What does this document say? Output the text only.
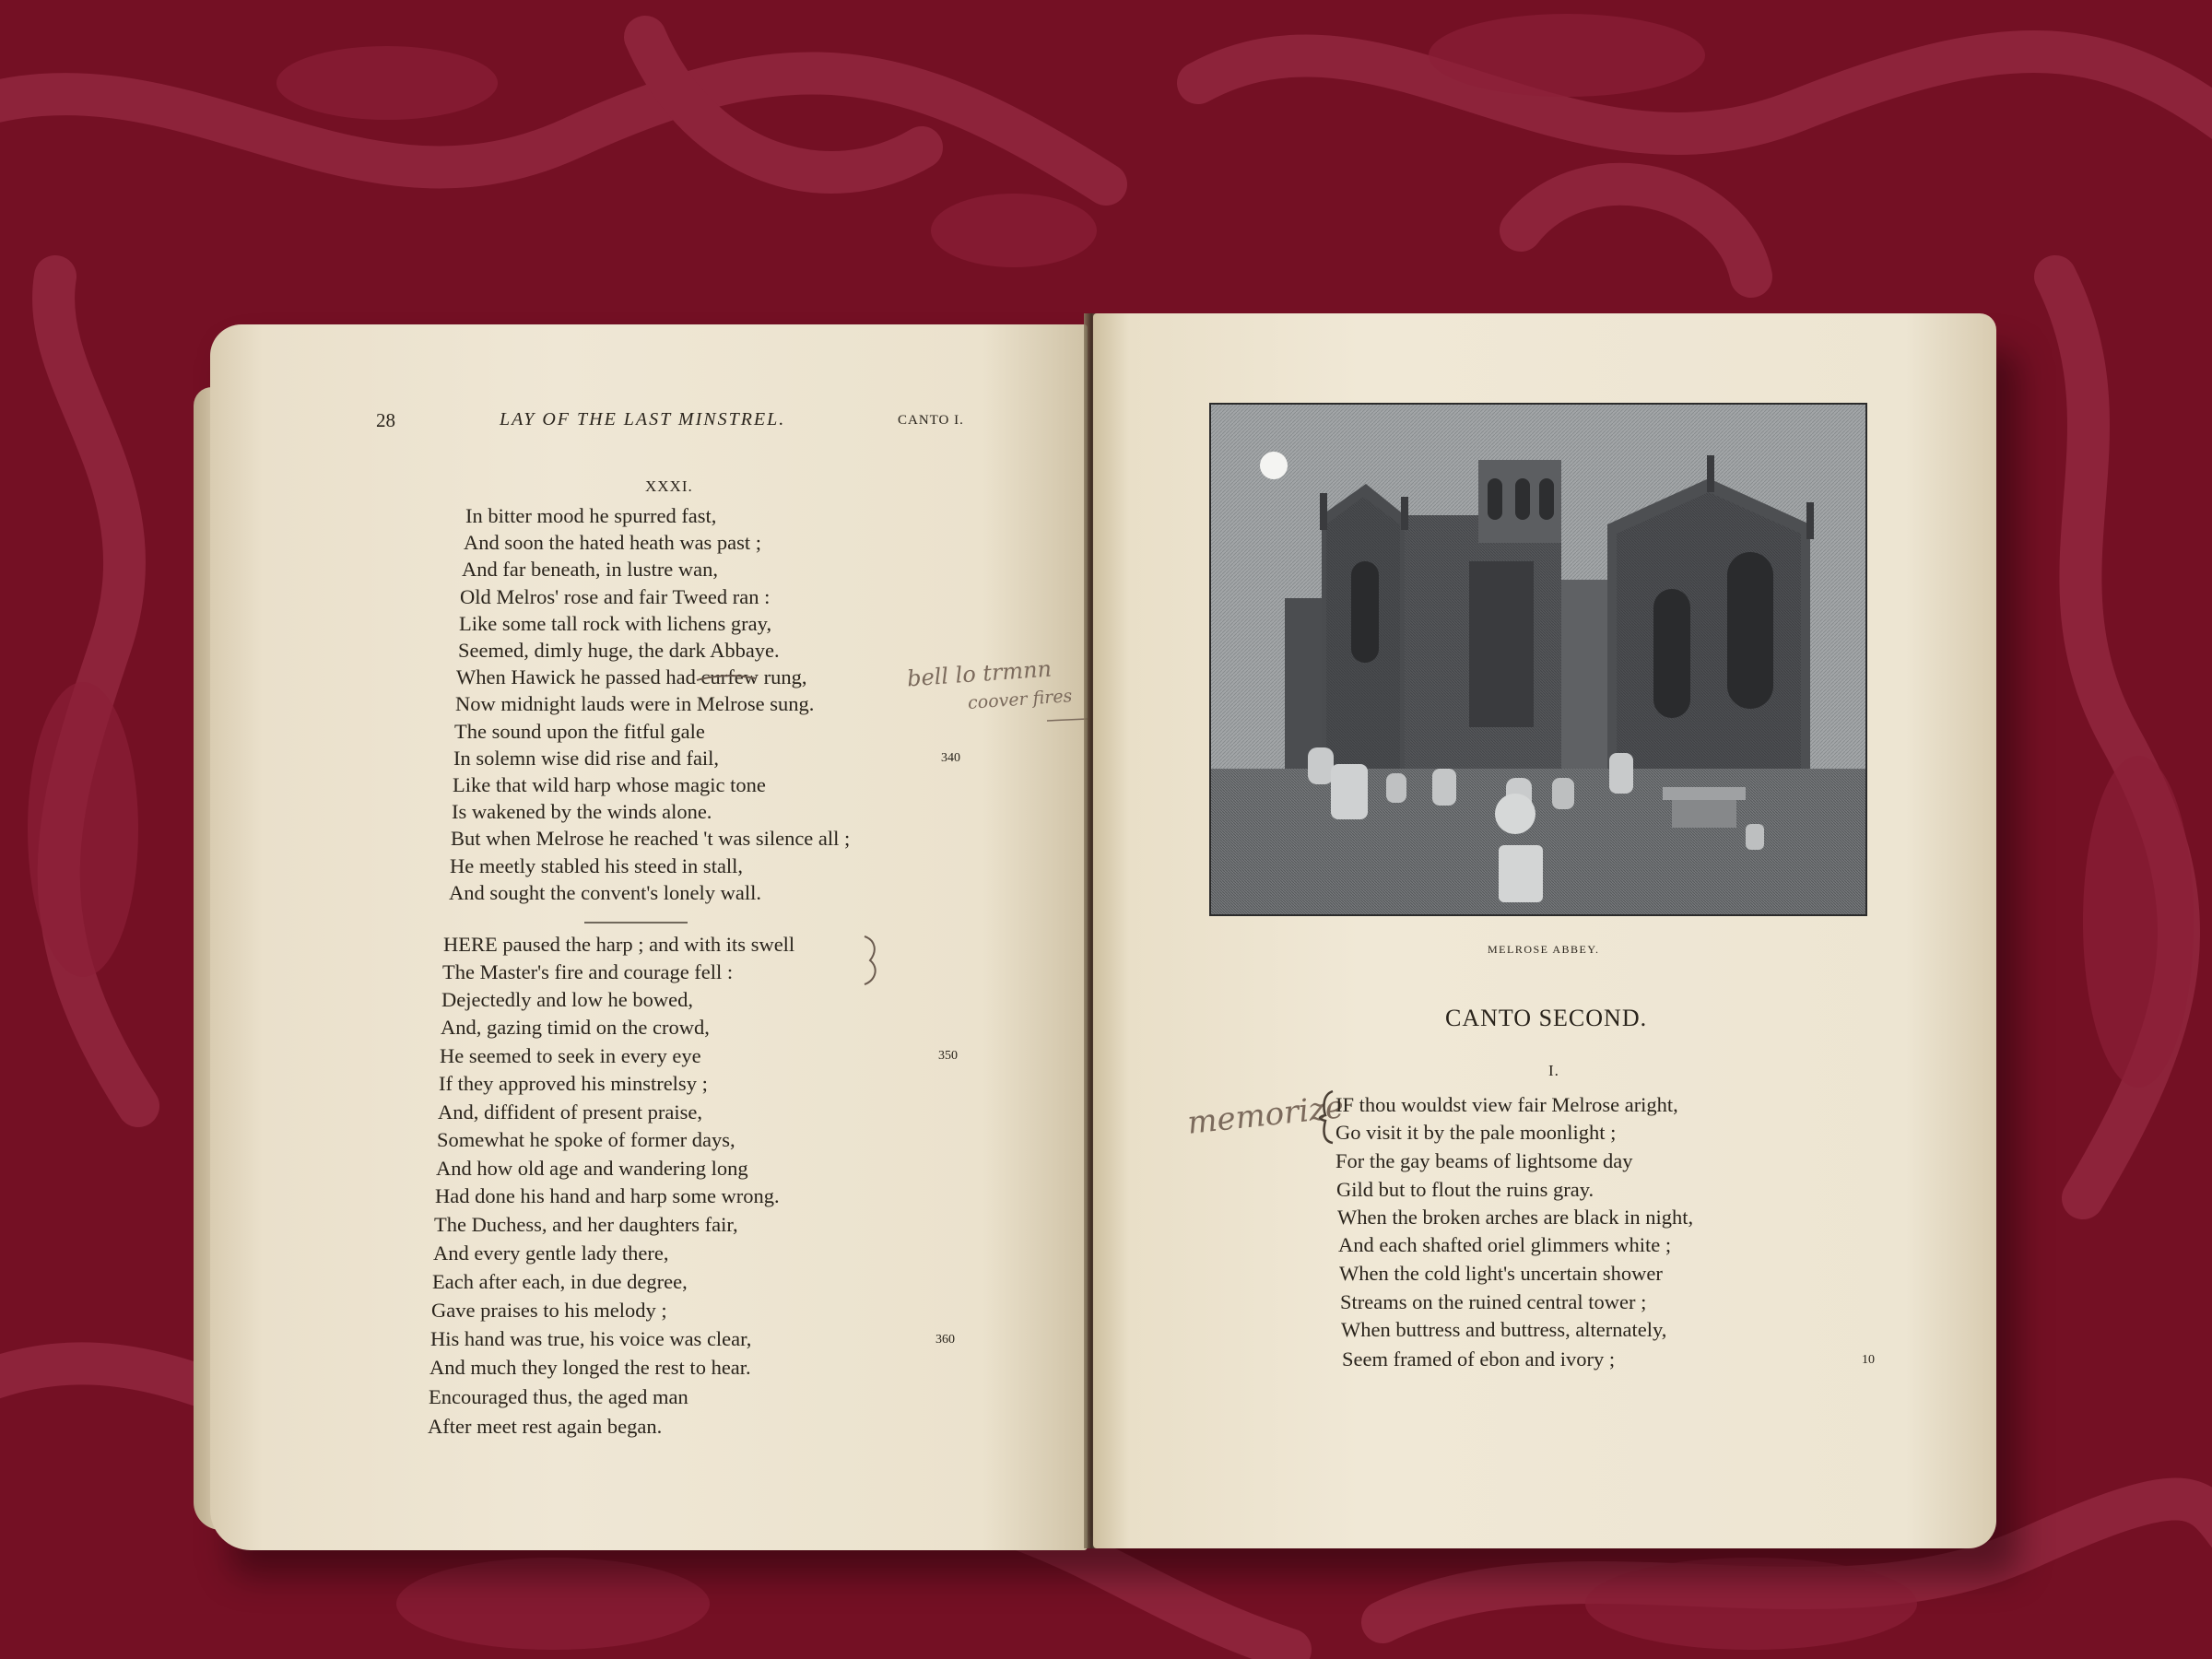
28	LAY OF THE LAST MINSTREL.	CANTO I.
XXXI.
In bitter mood he spurred fast,
And soon the hated heath was past ;
And far beneath, in lustre wan,
Old Melros' rose and fair Tweed ran :
Like some tall rock with lichens gray,
Seemed, dimly huge, the dark Abbaye.
When Hawick he passed had curfew rung,
Now midnight lauds were in Melrose sung.
The sound upon the fitful gale
In solemn wise did rise and fail,
Like that wild harp whose magic tone
Is wakened by the winds alone.
But when Melrose he reached 't was silence all ;
He meetly stabled his steed in stall,
And sought the convent's lonely wall.
340
bell lo trmnn
coover fires
HERE paused the harp ; and with its swell
The Master's fire and courage fell :
Dejectedly and low he bowed,
And, gazing timid on the crowd,
He seemed to seek in every eye
If they approved his minstrelsy ;
And, diffident of present praise,
Somewhat he spoke of former days,
And how old age and wandering long
Had done his hand and harp some wrong.
The Duchess, and her daughters fair,
And every gentle lady there,
Each after each, in due degree,
Gave praises to his melody ;
His hand was true, his voice was clear,
And much they longed the rest to hear.
Encouraged thus, the aged man
After meet rest again began.
350
360
MELROSE ABBEY.
CANTO SECOND.
I.
memorize
IF thou wouldst view fair Melrose aright,
Go visit it by the pale moonlight ;
For the gay beams of lightsome day
Gild but to flout the ruins gray.
When the broken arches are black in night,
And each shafted oriel glimmers white ;
When the cold light's uncertain shower
Streams on the ruined central tower ;
When buttress and buttress, alternately,
Seem framed of ebon and ivory ;	10
